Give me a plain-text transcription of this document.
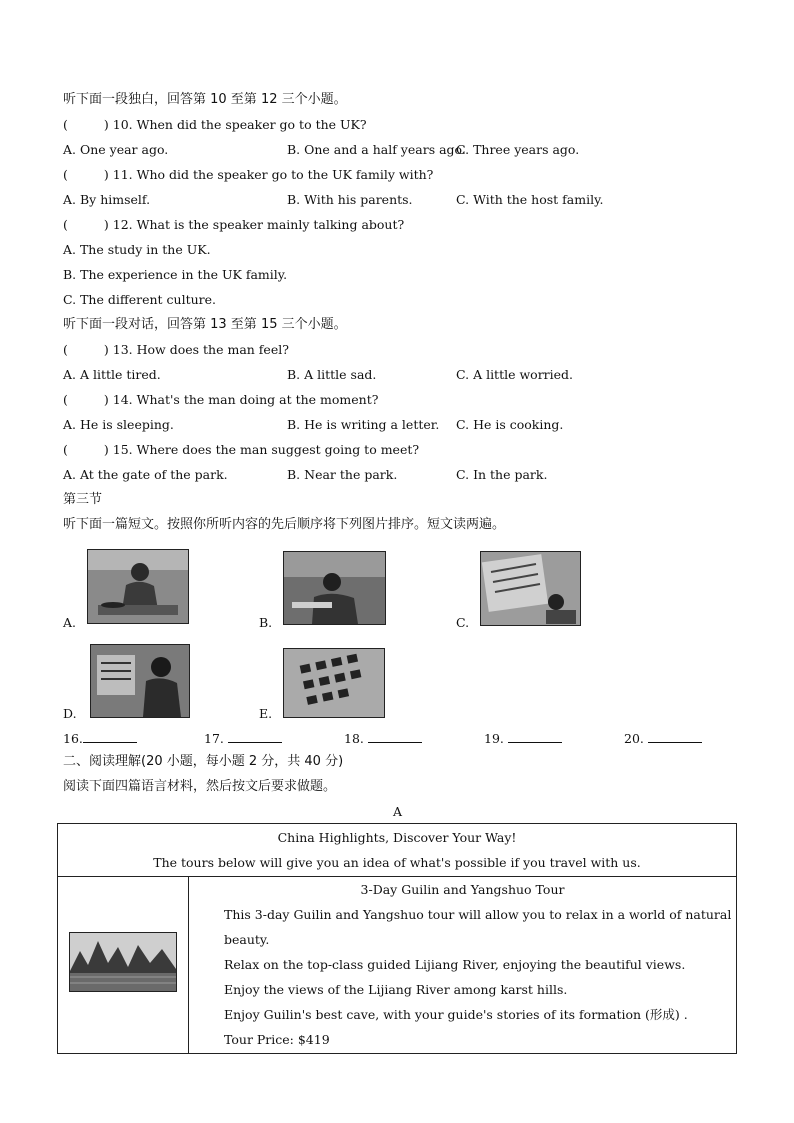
听下面一段独白，回答第 10 至第 12 三个小题。
(	) 10. When did the speaker go to the UK?
A. One year ago.	B. One and a half years ago.
C. Three years ago.
(	) 11. Who did the speaker go to the UK family with?
A. By himself.	B. With his parents.	C. With the host family.
(	) 12. What is the speaker mainly talking about?
A. The study in the UK.
B. The experience in the UK family.
C. The different culture.
听下面一段对话，回答第 13 至第 15 三个小题。
(	) 13. How does the man feel?
A. A little tired.	B. A little sad.	C. A little worried.
(	) 14. What's the man doing at the moment?
A. He is sleeping.	B. He is writing a letter. C. He is cooking.
(	) 15. Where does the man suggest going to meet?
A. At the gate of the park.	B. Near the park.	C. In the park.
第三节
听下面一篇短文。按照你所听内容的先后顺序将下列图片排序。短文读两遍。
A.	B.	C.
D.	E.
16.	17.	18.	19.	20.
二、阅读理解(20 小题，每小题 2 分，共 40 分)
阅读下面四篇语言材料，然后按文后要求做题。
A
China Highlights, Discover Your Way!
The tours below will give you an idea of what's possible if you travel with us.

3-Day Guilin and Yangshuo Tour
This 3-day Guilin and Yangshuo tour will allow you to relax in a world of natural beauty.
Relax on the top-class guided Lijiang River, enjoying the beautiful views.
Enjoy the views of the Lijiang River among karst hills.
Enjoy Guilin's best cave, with your guide's stories of its formation (形成) .
Tour Price: $419
